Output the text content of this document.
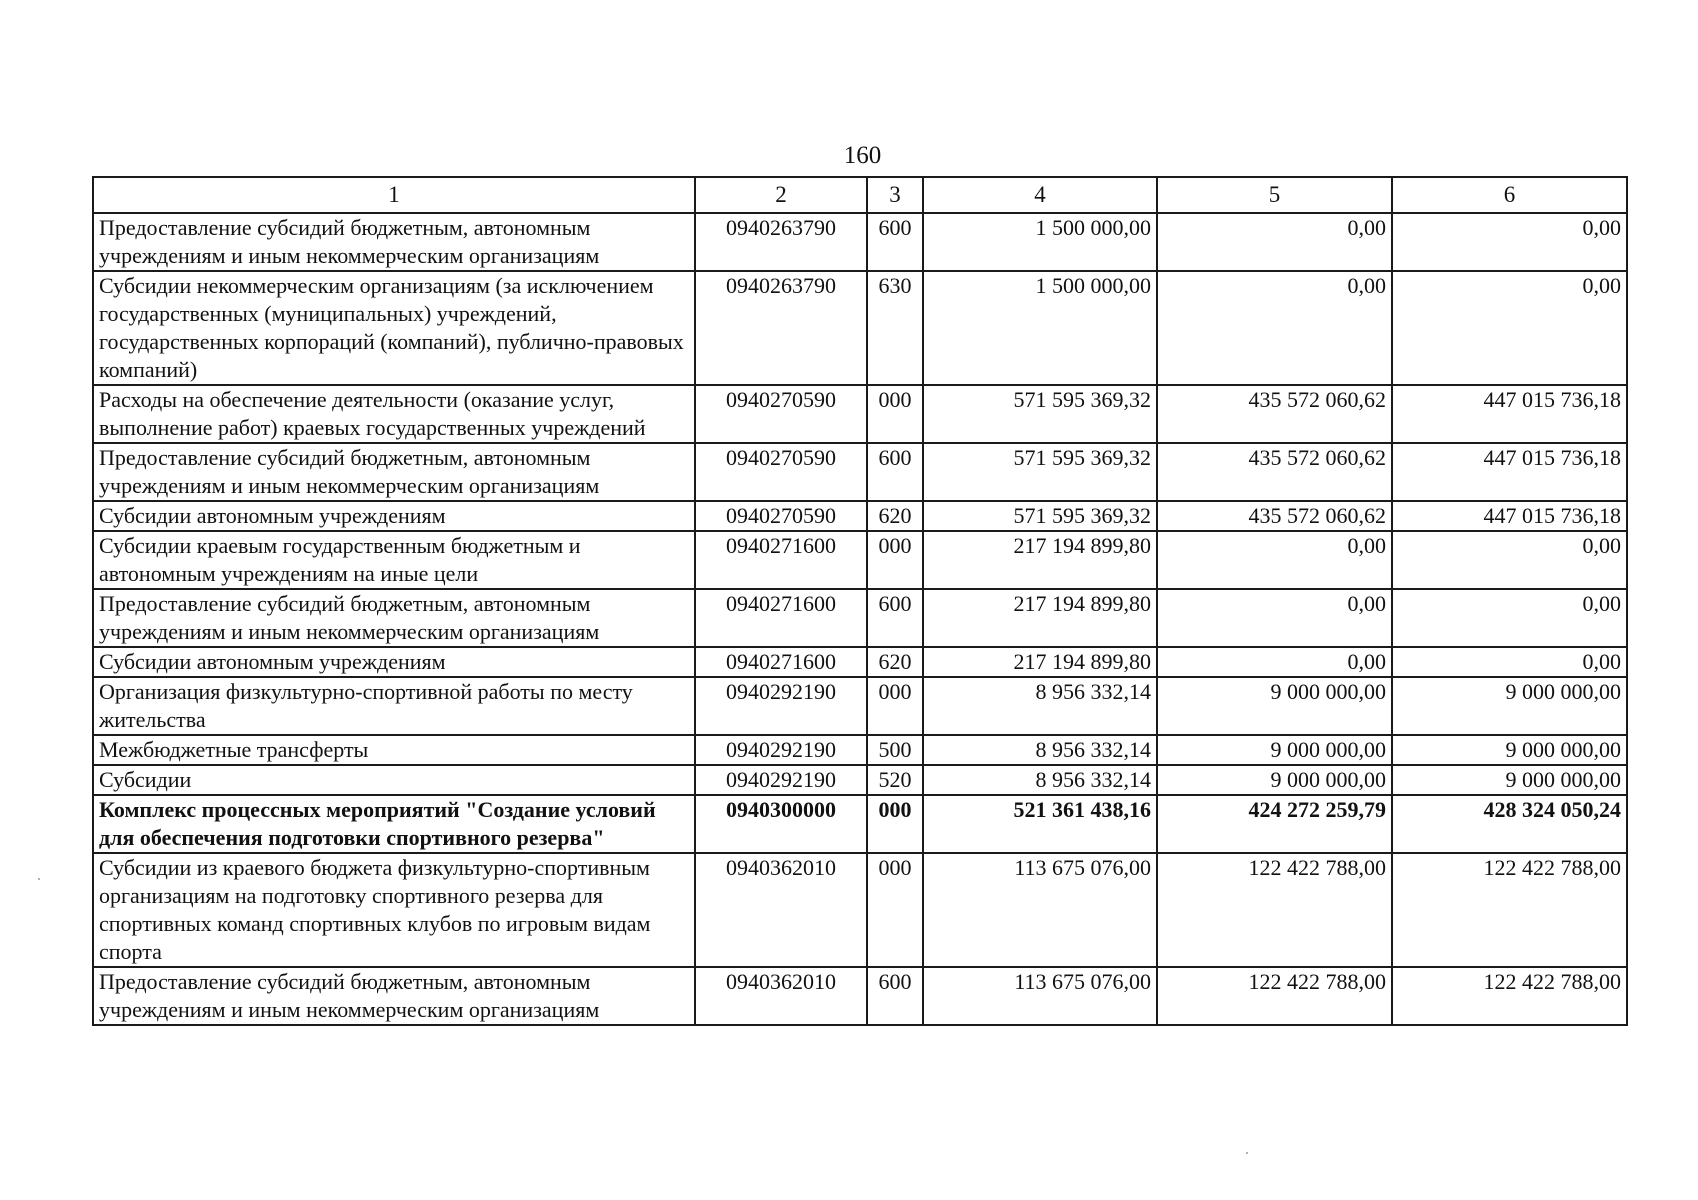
160
1	2	3	4	5	6
Предоставление субсидий бюджетным, автономным учреждениям и иным некоммерческим организациям	0940263790	600	1 500 000,00	0,00	0,00
Субсидии некоммерческим организациям (за исключением государственных (муниципальных) учреждений, государственных корпораций (компаний), публично-правовых компаний)	0940263790	630	1 500 000,00	0,00	0,00
Расходы на обеспечение деятельности (оказание услуг, выполнение работ) краевых государственных учреждений	0940270590	000	571 595 369,32	435 572 060,62	447 015 736,18
Предоставление субсидий бюджетным, автономным учреждениям и иным некоммерческим организациям	0940270590	600	571 595 369,32	435 572 060,62	447 015 736,18
Субсидии автономным учреждениям	0940270590	620	571 595 369,32	435 572 060,62	447 015 736,18
Субсидии краевым государственным бюджетным и автономным учреждениям на иные цели	0940271600	000	217 194 899,80	0,00	0,00
Предоставление субсидий бюджетным, автономным учреждениям и иным некоммерческим организациям	0940271600	600	217 194 899,80	0,00	0,00
Субсидии автономным учреждениям	0940271600	620	217 194 899,80	0,00	0,00
Организация физкультурно-спортивной работы по месту жительства	0940292190	000	8 956 332,14	9 000 000,00	9 000 000,00
Межбюджетные трансферты	0940292190	500	8 956 332,14	9 000 000,00	9 000 000,00
Субсидии	0940292190	520	8 956 332,14	9 000 000,00	9 000 000,00
Комплекс процессных мероприятий "Создание условий для обеспечения подготовки спортивного резерва"	0940300000	000	521 361 438,16	424 272 259,79	428 324 050,24
Субсидии из краевого бюджета физкультурно-спортивным организациям на подготовку спортивного резерва для спортивных команд спортивных клубов по игровым видам спорта	0940362010	000	113 675 076,00	122 422 788,00	122 422 788,00
Предоставление субсидий бюджетным, автономным учреждениям и иным некоммерческим организациям	0940362010	600	113 675 076,00	122 422 788,00	122 422 788,00
